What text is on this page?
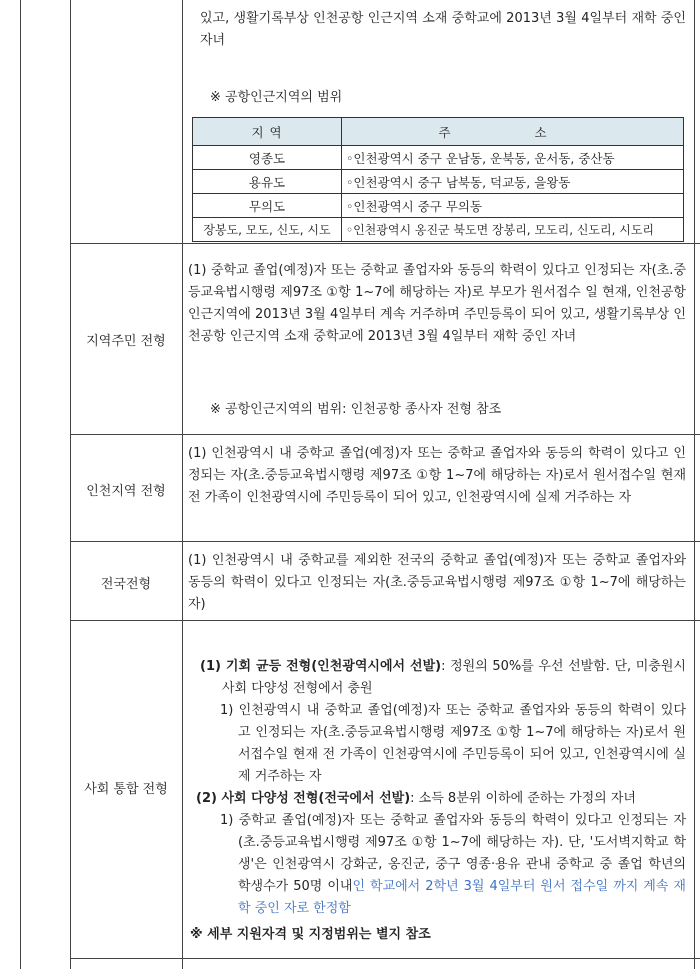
있고, 생활기록부상 인천공항 인근지역 소재 중학교에 2013년 3월 4일부터 재학 중인 자녀

※ 공항인근지역의 범위
지 역	주 소
영종도	◦인천광역시 중구 운남동, 운북동, 운서동, 중산동
용유도	◦인천광역시 중구 남북동, 덕교동, 을왕동
무의도	◦인천광역시 중구 무의동
장봉도, 모도, 신도, 시도	◦인천광역시 옹진군 북도면 장봉리, 모도리, 신도리, 시도리
지역주민 전형

(1) 중학교 졸업(예정)자 또는 중학교 졸업자와 동등의 학력이 있다고 인정되는 자(초.중등교육법시행령 제97조 ①항 1~7에 해당하는 자)로 부모가 원서접수 일 현재, 인천공항 인근지역에 2013년 3월 4일부터 계속 거주하며 주민등록이 되어 있고, 생활기록부상 인천공항 인근지역 소재 중학교에 2013년 3월 4일부터 재학 중인 자녀

※ 공항인근지역의 범위: 인천공항 종사자 전형 참조
인천지역 전형

(1) 인천광역시 내 중학교 졸업(예정)자 또는 중학교 졸업자와 동등의 학력이 있다고 인정되는 자(초.중등교육법시행령 제97조 ①항 1~7에 해당하는 자)로서 원서접수일 현재 전 가족이 인천광역시에 주민등록이 되어 있고, 인천광역시에 실제 거주하는 자

전국전형

(1) 인천광역시 내 중학교를 제외한 전국의 중학교 졸업(예정)자 또는 중학교 졸업자와 동등의 학력이 있다고 인정되는 자(초.중등교육법시행령 제97조 ①항 1~7에 해당하는 자)

사회 통합 전형

(1) 기회 균등 전형(인천광역시에서 선발): 정원의 50%를 우선 선발함. 단, 미충원시 사회 다양성 전형에서 충원

1) 인천광역시 내 중학교 졸업(예정)자 또는 중학교 졸업자와 동등의 학력이 있다고 인정되는 자(초.중등교육법시행령 제97조 ①항 1~7에 해당하는 자)로서 원서접수일 현재 전 가족이 인천광역시에 주민등록이 되어 있고, 인천광역시에 실제 거주하는 자

(2) 사회 다양성 전형(전국에서 선발): 소득 8분위 이하에 준하는 가정의 자녀

1) 중학교 졸업(예정)자 또는 중학교 졸업자와 동등의 학력이 있다고 인정되는 자(초.중등교육법시행령 제97조 ①항 1~7에 해당하는 자). 단, '도서벽지학교 학생'은 인천광역시 강화군, 옹진군, 중구 영종·용유 관내 중학교 중 졸업 학년의 학생수가 50명 이내인 학교에서 2학년 3월 4일부터 원서 접수일 까지 계속 재학 중인 자로 한정함

※ 세부 지원자격 및 지정범위는 별지 참조
